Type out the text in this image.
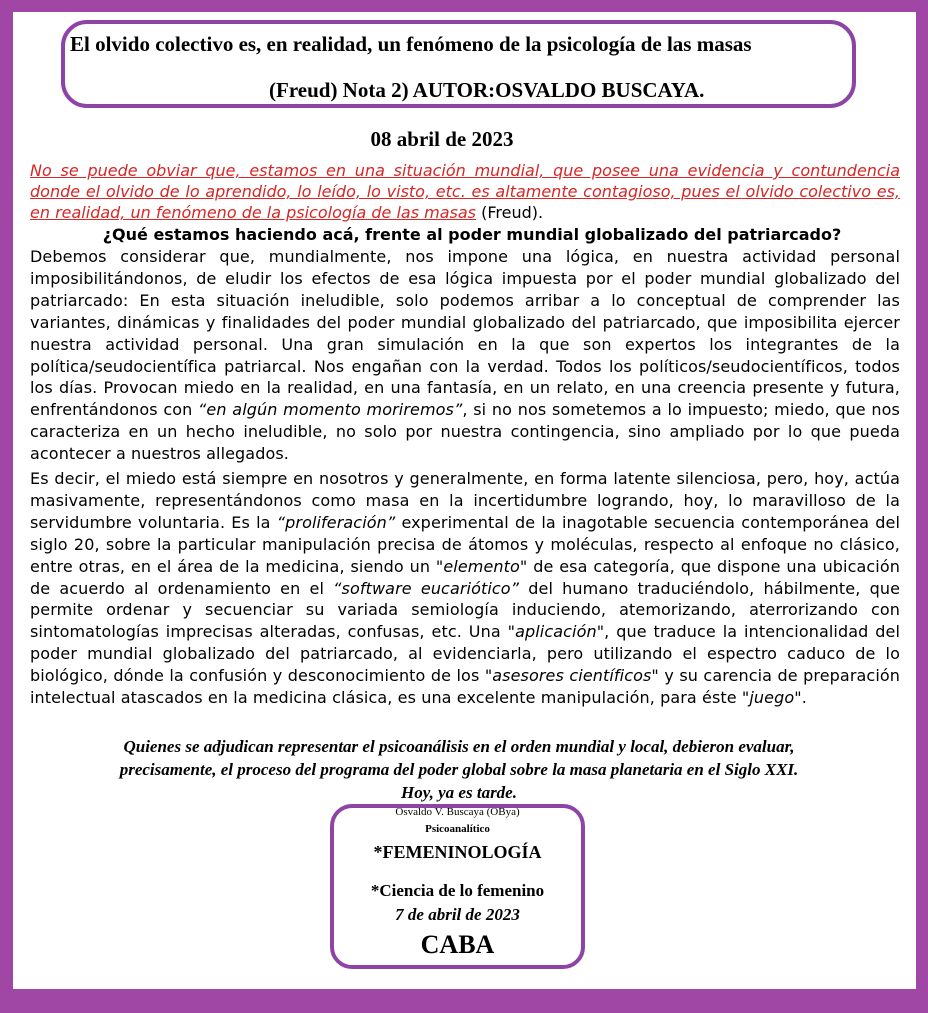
El olvido colectivo es, en realidad, un fenómeno de la psicología de las masas
(Freud) Nota 2) AUTOR:OSVALDO BUSCAYA.
08 abril de 2023
No se puede obviar que, estamos en una situación mundial, que posee una evidencia y contundencia donde el olvido de lo aprendido, lo leído, lo visto, etc. es altamente contagioso, pues el olvido colectivo es, en realidad, un fenómeno de la psicología de las masas (Freud).
¿Qué estamos haciendo acá, frente al poder mundial globalizado del patriarcado?
Debemos considerar que, mundialmente, nos impone una lógica, en nuestra actividad personal imposibilitándonos, de eludir los efectos de esa lógica impuesta por el poder mundial globalizado del patriarcado: En esta situación ineludible, solo podemos arribar a lo conceptual de comprender las variantes, dinámicas y finalidades del poder mundial globalizado del patriarcado, que imposibilita ejercer nuestra actividad personal. Una gran simulación en la que son expertos los integrantes de la política/seudocientífica patriarcal. Nos engañan con la verdad. Todos los políticos/seudocientíficos, todos los días. Provocan miedo en la realidad, en una fantasía, en un relato, en una creencia presente y futura, enfrentándonos con “en algún momento moriremos”, si no nos sometemos a lo impuesto; miedo, que nos caracteriza en un hecho ineludible, no solo por nuestra contingencia, sino ampliado por lo que pueda acontecer a nuestros allegados.
Es decir, el miedo está siempre en nosotros y generalmente, en forma latente silenciosa, pero, hoy, actúa masivamente, representándonos como masa en la incertidumbre logrando, hoy, lo maravilloso de la servidumbre voluntaria. Es la “proliferación” experimental de la inagotable secuencia contemporánea del siglo 20, sobre la particular manipulación precisa de átomos y moléculas, respecto al enfoque no clásico, entre otras, en el área de la medicina, siendo un "elemento" de esa categoría, que dispone una ubicación de acuerdo al ordenamiento en el “software eucariótico” del humano traduciéndolo, hábilmente, que permite ordenar y secuenciar su variada semiología induciendo, atemorizando, aterrorizando con sintomatologías imprecisas alteradas, confusas, etc. Una "aplicación", que traduce la intencionalidad del poder mundial globalizado del patriarcado, al evidenciarla, pero utilizando el espectro caduco de lo biológico, dónde la confusión y desconocimiento de los "asesores científicos" y su carencia de preparación intelectual atascados en la medicina clásica, es una excelente manipulación, para éste "juego".
Quienes se adjudican representar el psicoanálisis en el orden mundial y local, debieron evaluar,
precisamente, el proceso del programa del poder global sobre la masa planetaria en el Siglo XXI.
Hoy, ya es tarde.
Osvaldo V. Buscaya (OBya)
Psicoanalítico
*FEMENINOLOGÍA
*Ciencia de lo femenino
7 de abril de 2023
CABA
